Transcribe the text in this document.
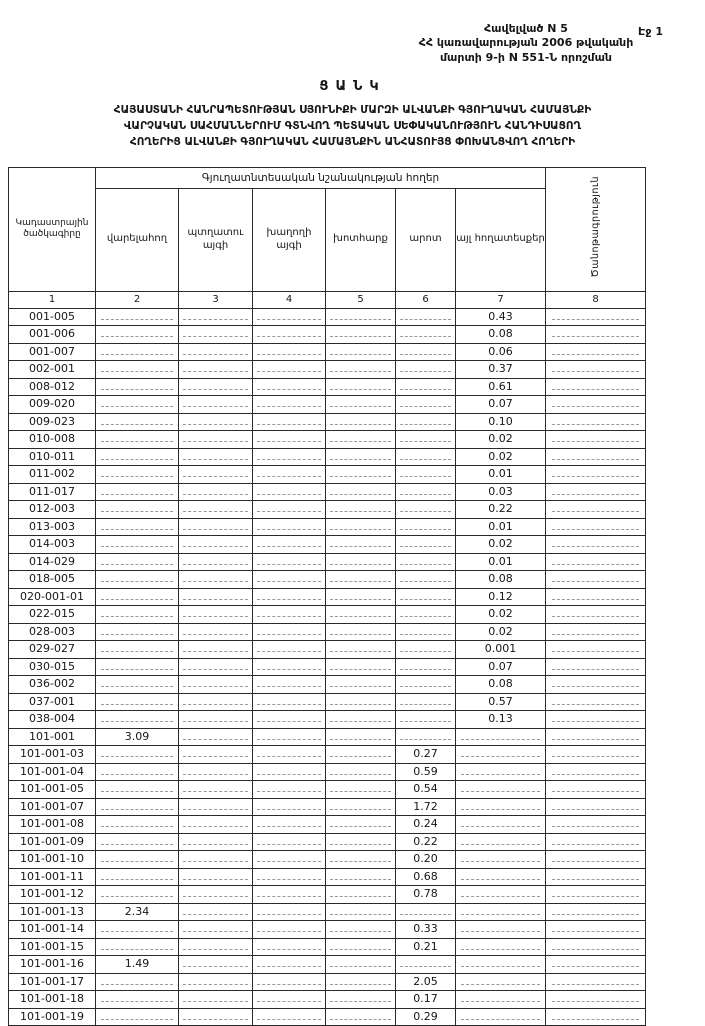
Էջ 1
Հավելված N 5
ՀՀ կառավարության 2006 թվականի
մարտի 9-ի N 551-Ն որոշման
ՑԱՆԿ
ՀԱՅԱՍՏԱՆԻ ՀԱՆՐԱՊԵՏՈՒԹՅԱՆ ՍՅՈՒՆԻՔԻ ՄԱՐԶԻ ԱԼՎԱՆՔԻ ԳՅՈՒՂԱԿԱՆ ՀԱՄԱՅՆՔԻ
ՎԱՐՉԱԿԱՆ ՍԱՀՄԱՆՆԵՐՈՒՄ ԳՏՆՎՈՂ ՊԵՏԱԿԱՆ ՍԵՓԱԿԱՆՈՒԹՅՈՒՆ ՀԱՆԴԻՍԱՑՈՂ
ՀՈՂԵՐԻՑ ԱԼՎԱՆՔԻ ԳՅՈՒՂԱԿԱՆ ՀԱՄԱՅՆՔԻՆ ԱՆՀԱՏՈՒՅՑ ՓՈԽԱՆՑՎՈՂ ՀՈՂԵՐԻ
Կադաստրային ծածկագիրը	Գյուղատնտեսական նշանակության հողեր						Ծանոթագրություն
	վարելահող	պտղատու այգի	խաղողի այգի	խոտհարք	արոտ	այլ հողատեսքեր	
1	2	3	4	5	6	7	8
001-005						0.43	
001-006						0.08	
001-007						0.06	
002-001						0.37	
008-012						0.61	
009-020						0.07	
009-023						0.10	
010-008						0.02	
010-011						0.02	
011-002						0.01	
011-017						0.03	
012-003						0.22	
013-003						0.01	
014-003						0.02	
014-029						0.01	
018-005						0.08	
020-001-01						0.12	
022-015						0.02	
028-003						0.02	
029-027						0.001	
030-015						0.07	
036-002						0.08	
037-001						0.57	
038-004						0.13	
101-001	3.09						
101-001-03					0.27		
101-001-04					0.59		
101-001-05					0.54		
101-001-07					1.72		
101-001-08					0.24		
101-001-09					0.22		
101-001-10					0.20		
101-001-11					0.68		
101-001-12					0.78		
101-001-13	2.34						
101-001-14					0.33		
101-001-15					0.21		
101-001-16	1.49						
101-001-17					2.05		
101-001-18					0.17		
101-001-19					0.29		
